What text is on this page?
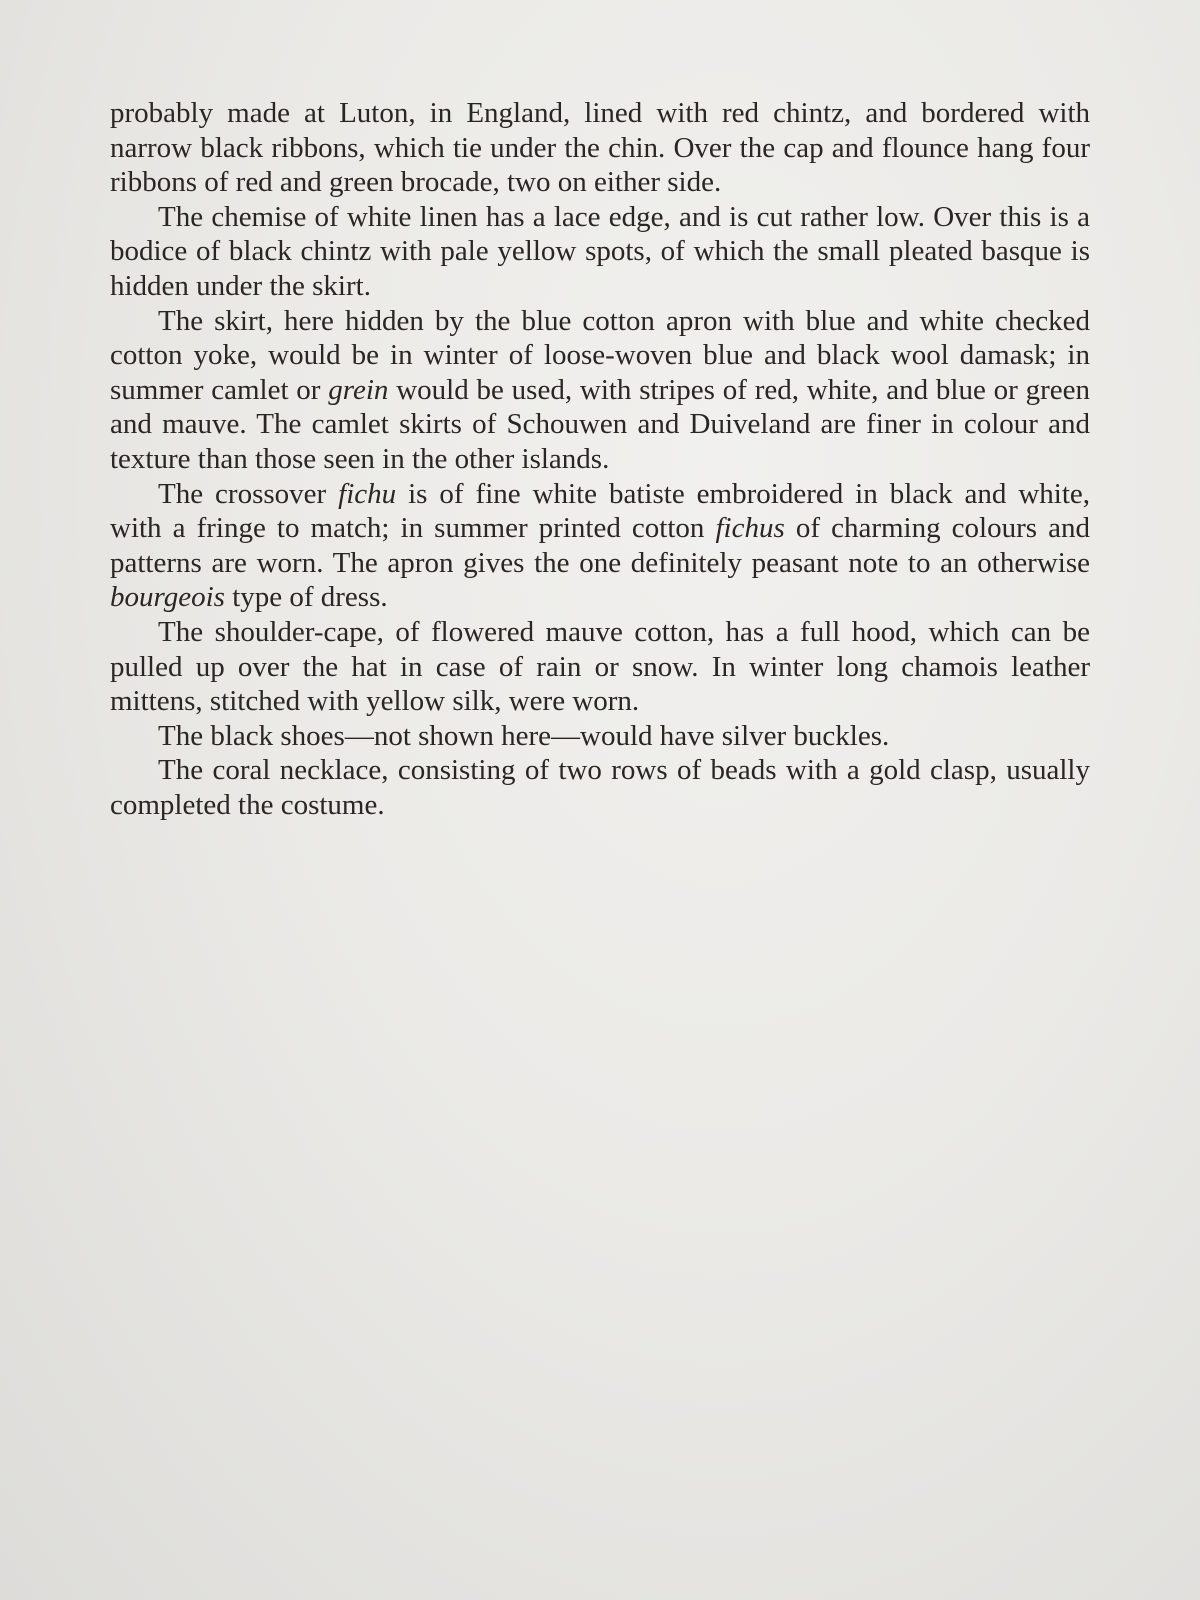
probably made at Luton, in England, lined with red chintz, and bordered with narrow black ribbons, which tie under the chin. Over the cap and flounce hang four ribbons of red and green brocade, two on either side.

The chemise of white linen has a lace edge, and is cut rather low. Over this is a bodice of black chintz with pale yellow spots, of which the small pleated basque is hidden under the skirt.

The skirt, here hidden by the blue cotton apron with blue and white checked cotton yoke, would be in winter of loose-woven blue and black wool damask; in summer camlet or grein would be used, with stripes of red, white, and blue or green and mauve. The camlet skirts of Schouwen and Duiveland are finer in colour and texture than those seen in the other islands.

The crossover fichu is of fine white batiste embroidered in black and white, with a fringe to match; in summer printed cotton fichus of charming colours and patterns are worn. The apron gives the one definitely peasant note to an otherwise bourgeois type of dress.

The shoulder-cape, of flowered mauve cotton, has a full hood, which can be pulled up over the hat in case of rain or snow. In winter long chamois leather mittens, stitched with yellow silk, were worn.

The black shoes—not shown here—would have silver buckles.

The coral necklace, consisting of two rows of beads with a gold clasp, usually completed the costume.
